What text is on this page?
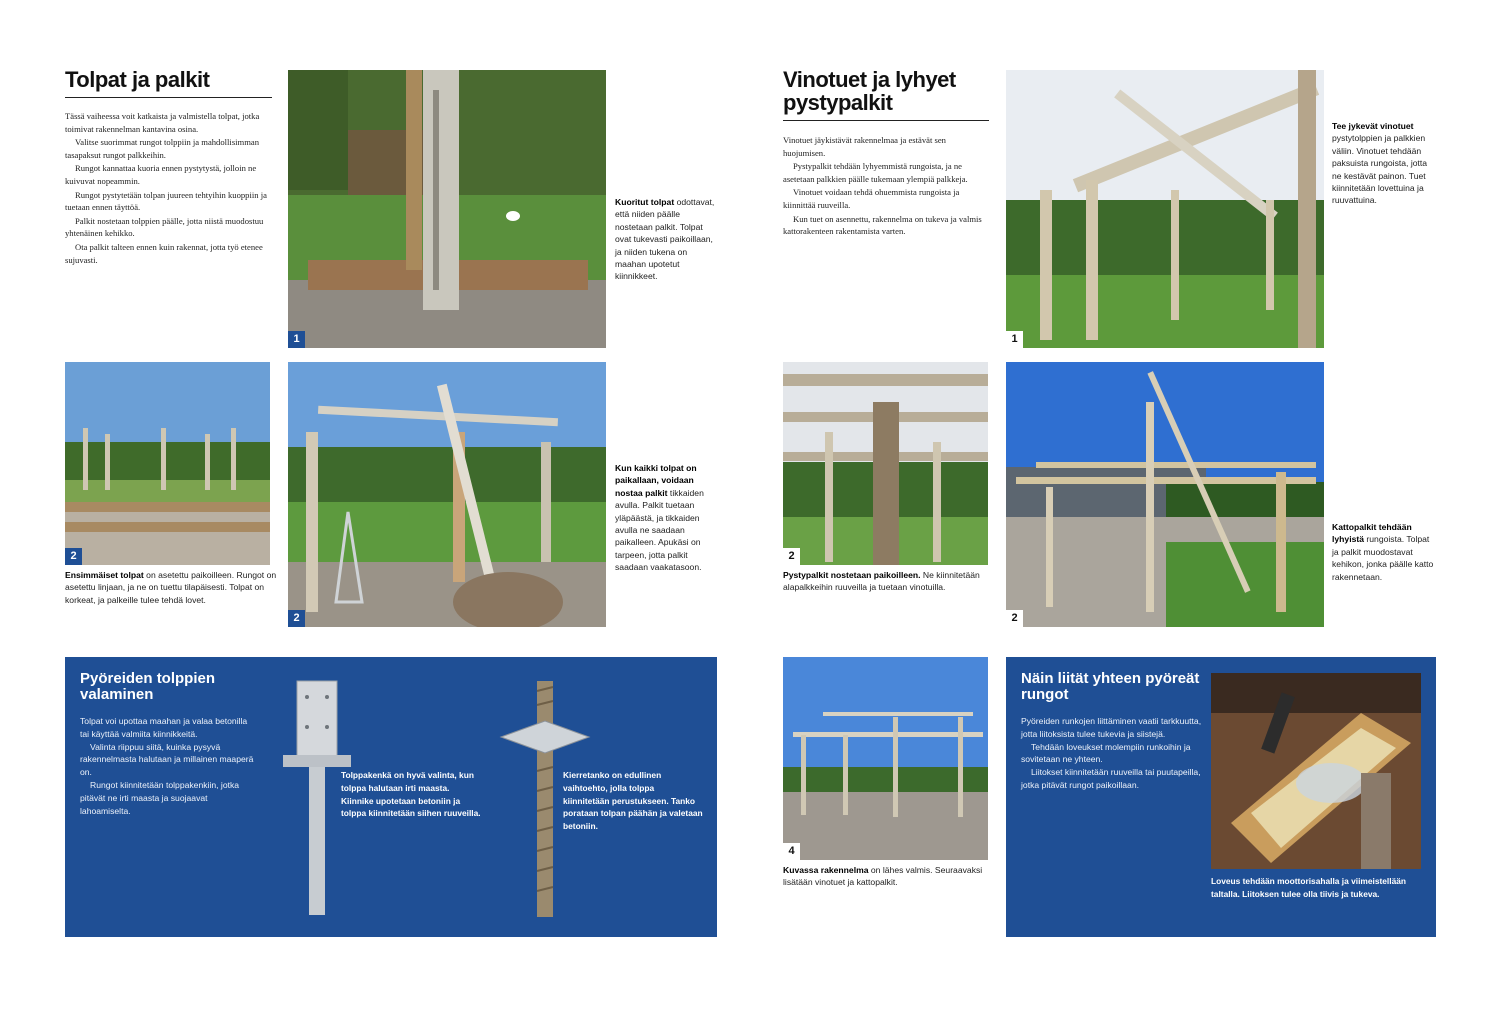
Tolpat ja palkit

Tässä vaiheessa voit katkaista ja valmistella tolpat, jotka toimivat rakennelman kantavina osina.

Valitse suorimmat rungot tolppiin ja mahdollisimman tasapaksut rungot palkkeihin.

Rungot kannattaa kuoria ennen pystytystä, jolloin ne kuivuvat nopeammin.

Rungot pystytetään tolpan juureen tehtyihin kuoppiin ja tuetaan ennen täyttöä.

Palkit nostetaan tolppien päälle, jotta niistä muodostuu yhtenäinen kehikko.

Ota palkit talteen ennen kuin rakennat, jotta työ etenee sujuvasti.

1
Kuoritut tolpat odottavat, että niiden päälle nostetaan palkit. Tolpat ovat tukevasti paikoillaan, ja niiden tukena on maahan upotetut kiinnikkeet.
2
Ensimmäiset tolpat on asetettu paikoilleen. Rungot on asetettu linjaan, ja ne on tuettu tilapäisesti. Tolpat on korkeat, ja palkeille tulee tehdä lovet.
2
Kun kaikki tolpat on paikallaan, voidaan nostaa palkit tikkaiden avulla. Palkit tuetaan yläpäästä, ja tikkaiden avulla ne saadaan paikalleen. Apukäsi on tarpeen, jotta palkit saadaan vaakatasoon.
Pyöreiden tolppien valaminen

Tolpat voi upottaa maahan ja valaa betonilla tai käyttää valmiita kiinnikkeitä.

Valinta riippuu siitä, kuinka pysyvä rakennelmasta halutaan ja millainen maaperä on.

Rungot kiinnitetään tolppakenkiin, jotka pitävät ne irti maasta ja suojaavat lahoamiselta.

Tolppakenkä on hyvä valinta, kun tolppa halutaan irti maasta. Kiinnike upotetaan betoniin ja tolppa kiinnitetään siihen ruuveilla.
Kierretanko on edullinen vaihtoehto, jolla tolppa kiinnitetään perustukseen. Tanko porataan tolpan päähän ja valetaan betoniin.
Vinotuet ja lyhyet pystypalkit

Vinotuet jäykistävät rakennelmaa ja estävät sen huojumisen.

Pystypalkit tehdään lyhyemmistä rungoista, ja ne asetetaan palkkien päälle tukemaan ylempiä palkkeja.

Vinotuet voidaan tehdä ohuemmista rungoista ja kiinnittää ruuveilla.

Kun tuet on asennettu, rakennelma on tukeva ja valmis kattorakenteen rakentamista varten.

1
Tee jykevät vinotuet pystytolppien ja palkkien väliin. Vinotuet tehdään paksuista rungoista, jotta ne kestävät painon. Tuet kiinnitetään lovettuina ja ruuvattuina.
2
Pystypalkit nostetaan paikoilleen. Ne kiinnitetään alapalkkeihin ruuveilla ja tuetaan vinotuilla.
2
Kattopalkit tehdään lyhyistä rungoista. Tolpat ja palkit muodostavat kehikon, jonka päälle katto rakennetaan.
4
Kuvassa rakennelma on lähes valmis. Seuraavaksi lisätään vinotuet ja kattopalkit.
Näin liität yhteen pyöreät rungot

Pyöreiden runkojen liittäminen vaatii tarkkuutta, jotta liitoksista tulee tukevia ja siistejä.

Tehdään loveukset molempiin runkoihin ja sovitetaan ne yhteen.

Liitokset kiinnitetään ruuveilla tai puutapeilla, jotka pitävät rungot paikoillaan.

Loveus tehdään moottorisahalla ja viimeistellään taltalla. Liitoksen tulee olla tiivis ja tukeva.
